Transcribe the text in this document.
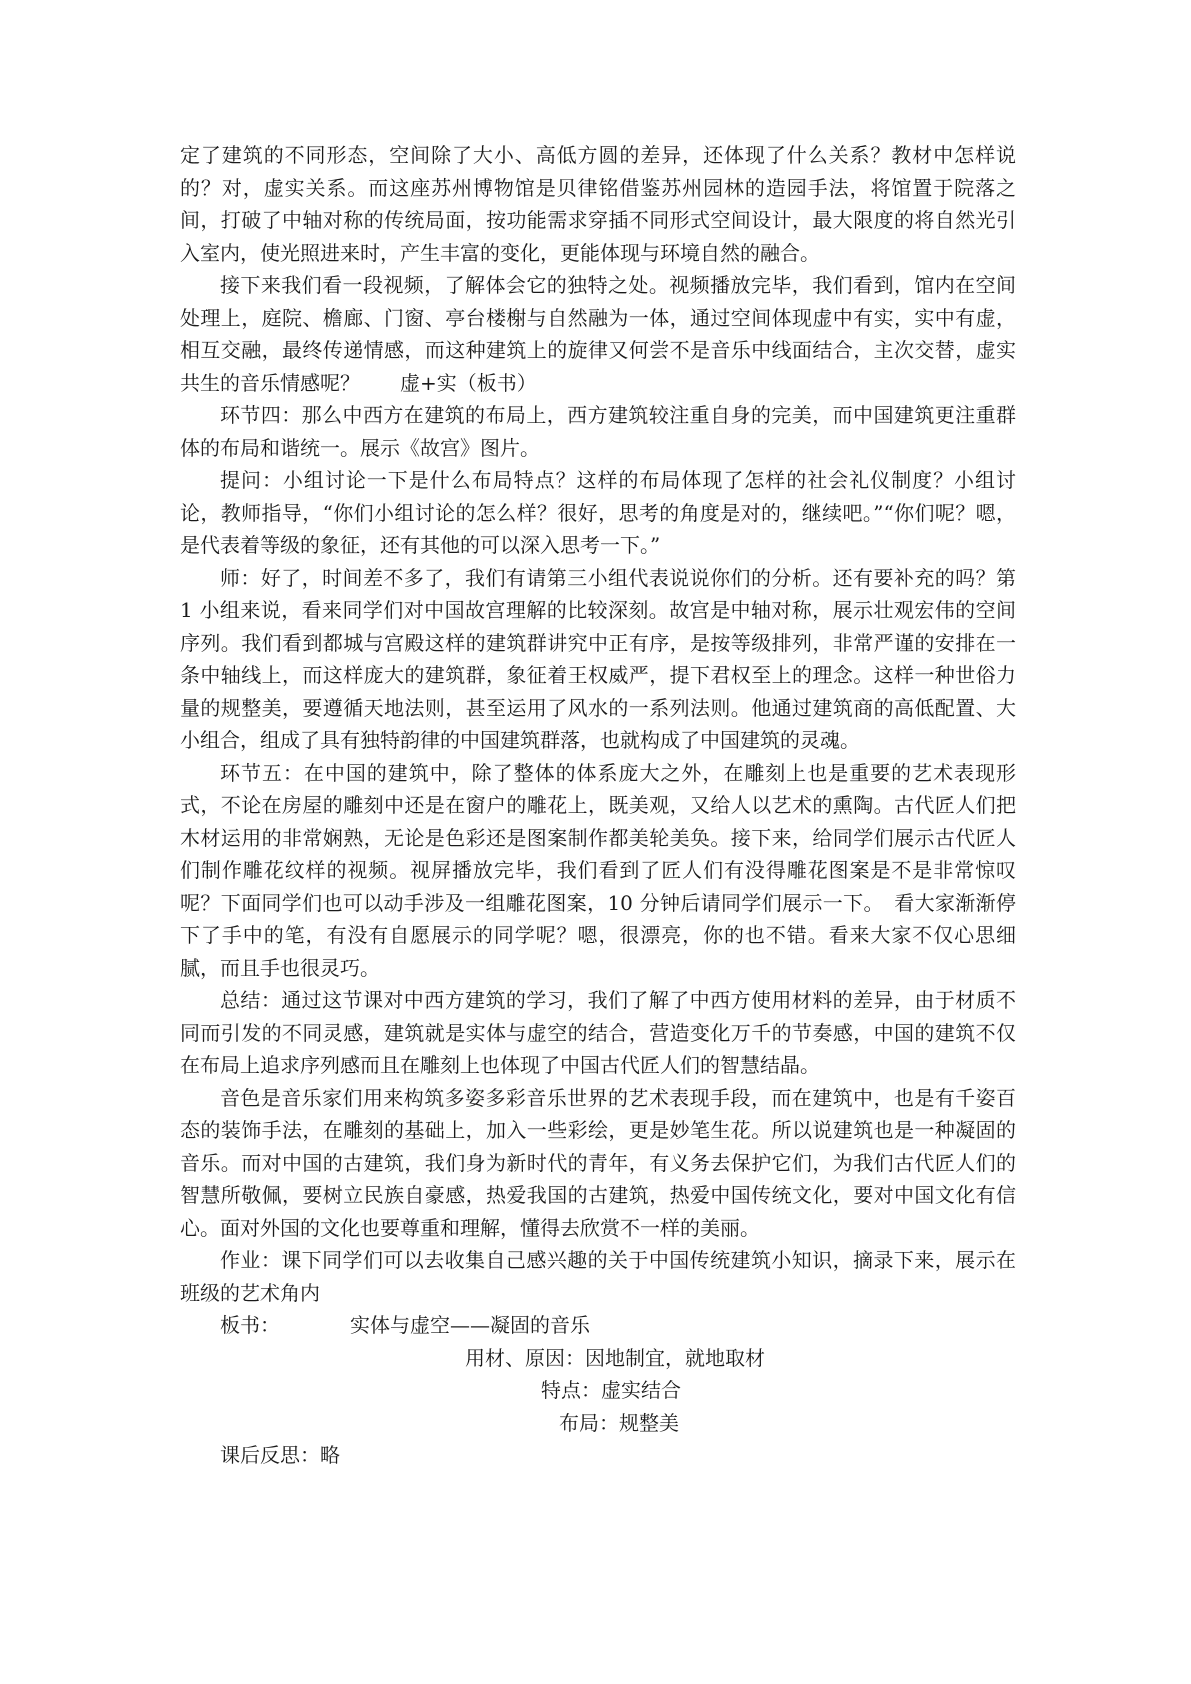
定了建筑的不同形态，空间除了大小、高低方圆的差异，还体现了什么关系？教材中怎样说的？对，虚实关系。而这座苏州博物馆是贝律铭借鉴苏州园林的造园手法，将馆置于院落之间，打破了中轴对称的传统局面，按功能需求穿插不同形式空间设计，最大限度的将自然光引入室内，使光照进来时，产生丰富的变化，更能体现与环境自然的融合。

接下来我们看一段视频，了解体会它的独特之处。视频播放完毕，我们看到，馆内在空间处理上，庭院、檐廊、门窗、亭台楼榭与自然融为一体，通过空间体现虚中有实，实中有虚，相互交融，最终传递情感，而这种建筑上的旋律又何尝不是音乐中线面结合，主次交替，虚实共生的音乐情感呢？　　虚+实（板书）

环节四：那么中西方在建筑的布局上，西方建筑较注重自身的完美，而中国建筑更注重群体的布局和谐统一。展示《故宫》图片。

提问：小组讨论一下是什么布局特点？这样的布局体现了怎样的社会礼仪制度？小组讨论，教师指导，“你们小组讨论的怎么样？很好，思考的角度是对的，继续吧。”“你们呢？嗯，是代表着等级的象征，还有其他的可以深入思考一下。”

师：好了，时间差不多了，我们有请第三小组代表说说你们的分析。还有要补充的吗？第 1 小组来说，看来同学们对中国故宫理解的比较深刻。故宫是中轴对称，展示壮观宏伟的空间序列。我们看到都城与宫殿这样的建筑群讲究中正有序，是按等级排列，非常严谨的安排在一条中轴线上，而这样庞大的建筑群，象征着王权威严，提下君权至上的理念。这样一种世俗力量的规整美，要遵循天地法则，甚至运用了风水的一系列法则。他通过建筑商的高低配置、大小组合，组成了具有独特韵律的中国建筑群落，也就构成了中国建筑的灵魂。

环节五：在中国的建筑中，除了整体的体系庞大之外，在雕刻上也是重要的艺术表现形式，不论在房屋的雕刻中还是在窗户的雕花上，既美观，又给人以艺术的熏陶。古代匠人们把木材运用的非常娴熟，无论是色彩还是图案制作都美轮美奂。接下来，给同学们展示古代匠人们制作雕花纹样的视频。视屏播放完毕，我们看到了匠人们有没得雕花图案是不是非常惊叹呢？下面同学们也可以动手涉及一组雕花图案，10 分钟后请同学们展示一下。　看大家渐渐停下了手中的笔，有没有自愿展示的同学呢？嗯，很漂亮，你的也不错。看来大家不仅心思细腻，而且手也很灵巧。

总结：通过这节课对中西方建筑的学习，我们了解了中西方使用材料的差异，由于材质不同而引发的不同灵感，建筑就是实体与虚空的结合，营造变化万千的节奏感，中国的建筑不仅在布局上追求序列感而且在雕刻上也体现了中国古代匠人们的智慧结晶。

音色是音乐家们用来构筑多姿多彩音乐世界的艺术表现手段，而在建筑中，也是有千姿百态的装饰手法，在雕刻的基础上，加入一些彩绘，更是妙笔生花。所以说建筑也是一种凝固的音乐。而对中国的古建筑，我们身为新时代的青年，有义务去保护它们，为我们古代匠人们的智慧所敬佩，要树立民族自豪感，热爱我国的古建筑，热爱中国传统文化，要对中国文化有信心。面对外国的文化也要尊重和理解，懂得去欣赏不一样的美丽。

作业：课下同学们可以去收集自己感兴趣的关于中国传统建筑小知识，摘录下来，展示在班级的艺术角内

板书：

	实体与虚空——凝固的音乐

用材、原因：因地制宜，就地取材

特点：虚实结合

布局：规整美

课后反思：略
